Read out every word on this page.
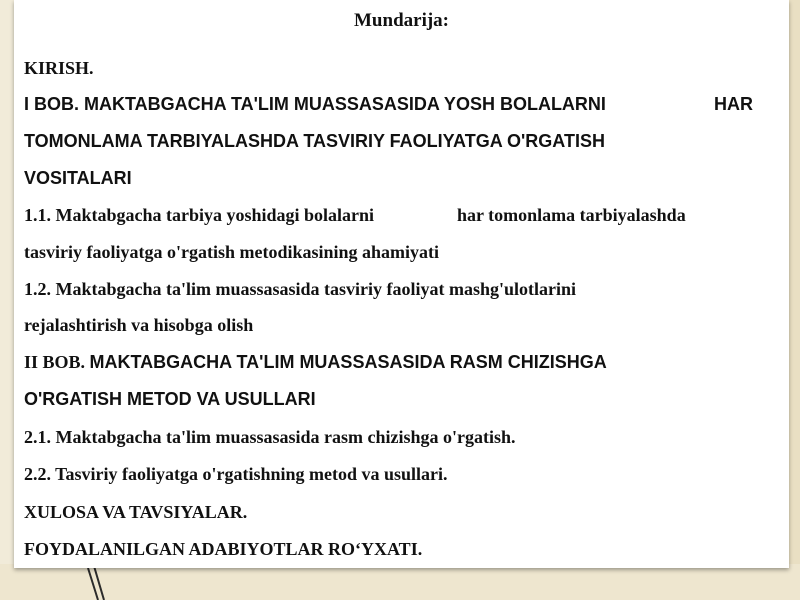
Mundarija:
KIRISH.
I BOB. MAKTABGACHA TA'LIM MUASSASASIDA YOSH BOLALARNI	HAR
TOMONLAMA TARBIYALASHDA TASVIRIY FAOLIYATGA O'RGATISH
VOSITALARI
1.1. Maktabgacha tarbiya yoshidagi bolalarni	har tomonlama tarbiyalashda
tasviriy faoliyatga o'rgatish metodikasining ahamiyati
1.2. Maktabgacha ta'lim muassasasida tasviriy faoliyat mashg'ulotlarini
rejalashtirish va hisobga olish
II BOB. MAKTABGACHA TA'LIM MUASSASASIDA RASM CHIZISHGA
O'RGATISH METOD VA USULLARI
2.1. Maktabgacha ta'lim muassasasida rasm chizishga o'rgatish.
2.2. Tasviriy faoliyatga o'rgatishning metod va usullari.
XULOSA VA TAVSIYALAR.
FOYDALANILGAN ADABIYOTLAR RO‘YXATI.
